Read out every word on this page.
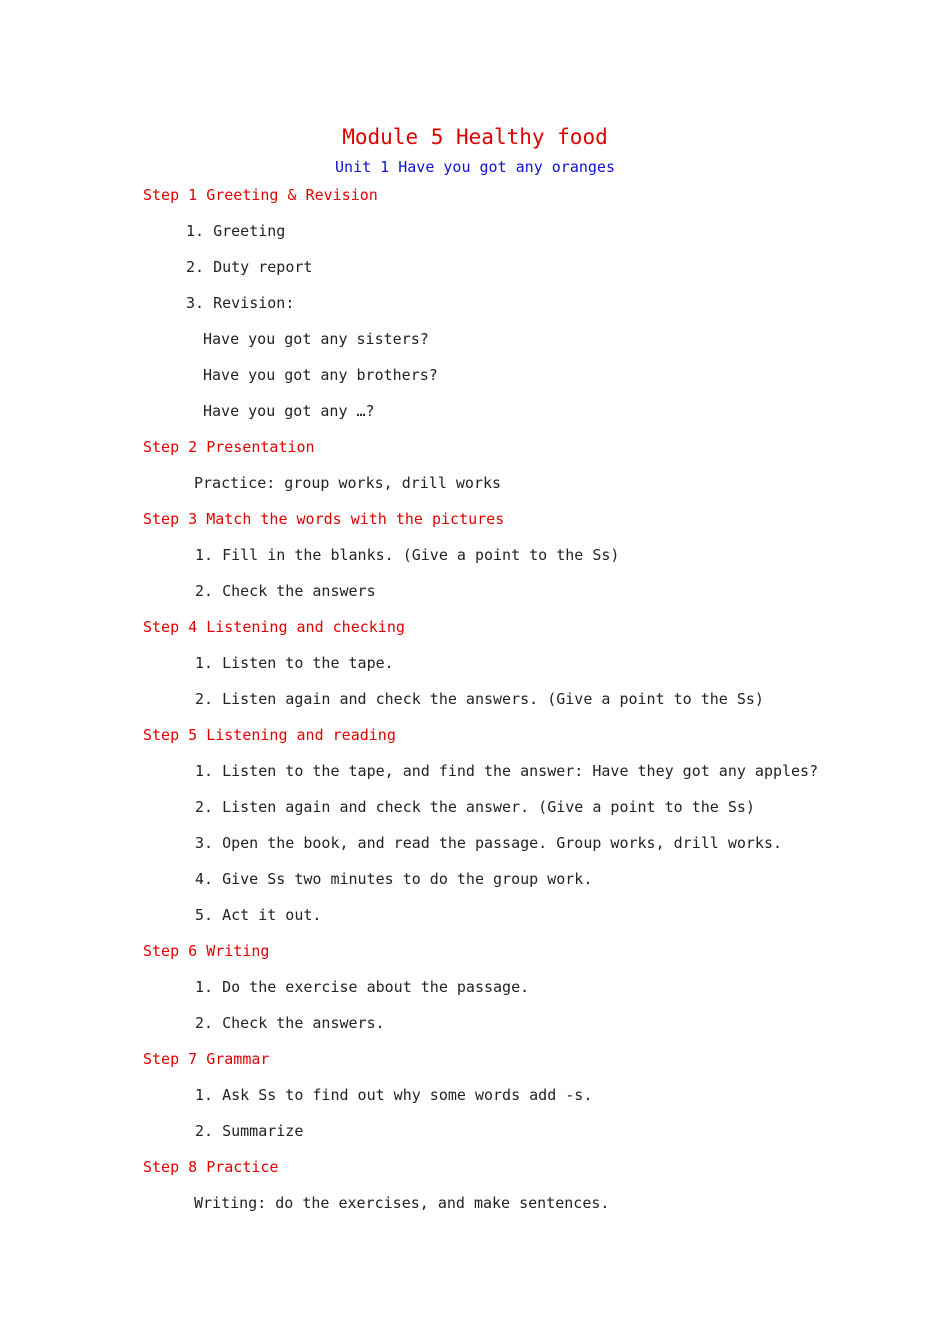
Module 5 Healthy food
Unit 1 Have you got any oranges
Step 1 Greeting & Revision
1. Greeting
2. Duty report
3. Revision:
Have you got any sisters?
Have you got any brothers?
Have you got any …?
Step 2 Presentation
Practice: group works, drill works
Step 3 Match the words with the pictures
1. Fill in the blanks. (Give a point to the Ss)
2. Check the answers
Step 4 Listening and checking
1. Listen to the tape.
2. Listen again and check the answers. (Give a point to the Ss)
Step 5 Listening and reading
1. Listen to the tape, and find the answer: Have they got any apples?
2. Listen again and check the answer. (Give a point to the Ss)
3. Open the book, and read the passage. Group works, drill works.
4. Give Ss two minutes to do the group work.
5. Act it out.
Step 6 Writing
1. Do the exercise about the passage.
2. Check the answers.
Step 7 Grammar
1. Ask Ss to find out why some words add -s.
2. Summarize
Step 8 Practice
Writing: do the exercises, and make sentences.
